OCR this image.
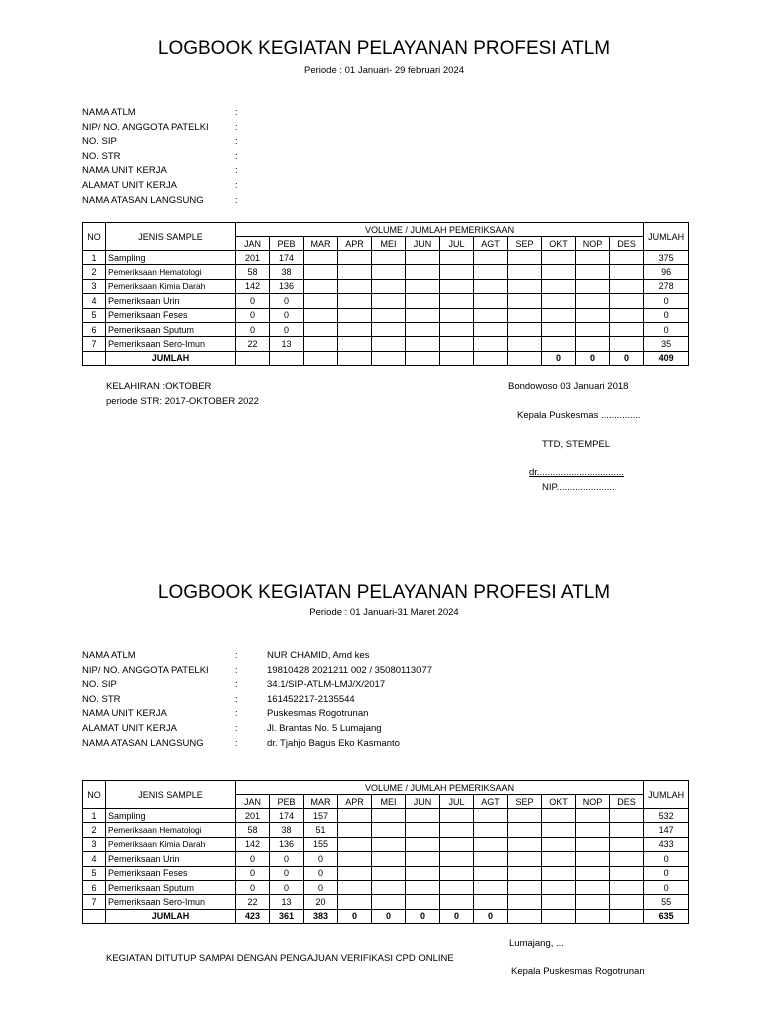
LOGBOOK KEGIATAN PELAYANAN PROFESI ATLM
Periode : 01 Januari- 29 februari 2024
NAMA ATLM	:
NIP/ NO. ANGGOTA PATELKI	:
NO. SIP	:
NO. STR	:
NAMA UNIT KERJA	:
ALAMAT UNIT KERJA	:
NAMA ATASAN LANGSUNG	:
NO	JENIS SAMPLE	VOLUME / JUMLAH PEMERIKSAAN												JUMLAH
		JAN	PEB	MAR	APR	MEI	JUN	JUL	AGT	SEP	OKT	NOP	DES	
1	Sampling	201	174											375
2	Pemeriksaan Hematologi	58	38											96
3	Pemeriksaan Kimia Darah	142	136											278
4	Pemeriksaan Urin	0	0											0
5	Pemeriksaan Feses	0	0											0
6	Pemeriksaan Sputum	0	0											0
7	Pemeriksaan Sero-Imun	22	13											35
	JUMLAH										0	0	0	409
KELAHIRAN :OKTOBER
periode STR: 2017-OKTOBER 2022
Bondowoso 03 Januari 2018
Kepala Puskesmas ...............
TTD, STEMPEL
dr.................................
NIP......................
LOGBOOK KEGIATAN PELAYANAN PROFESI ATLM
Periode : 01 Januari-31 Maret 2024
NAMA ATLM	:	NUR CHAMID, Amd kes
NIP/ NO. ANGGOTA PATELKI	:	19810428 2021211 002 / 35080113077
NO. SIP	:	34.1/SIP-ATLM-LMJ/X/2017
NO. STR	:	161452217-2135544
NAMA UNIT KERJA	:	Puskesmas Rogotrunan
ALAMAT UNIT KERJA	:	Jl. Brantas No. 5 Lumajang
NAMA ATASAN LANGSUNG	:	dr. Tjahjo Bagus Eko Kasmanto
NO	JENIS SAMPLE	VOLUME / JUMLAH PEMERIKSAAN												JUMLAH
		JAN	PEB	MAR	APR	MEI	JUN	JUL	AGT	SEP	OKT	NOP	DES	
1	Sampling	201	174	157										532
2	Pemeriksaan Hematologi	58	38	51										147
3	Pemeriksaan Kimia Darah	142	136	155										433
4	Pemeriksaan Urin	0	0	0										0
5	Pemeriksaan Feses	0	0	0										0
6	Pemeriksaan Sputum	0	0	0										0
7	Pemeriksaan Sero-Imun	22	13	20										55
	JUMLAH	423	361	383	0	0	0	0	0					635
Lumajang, ...
KEGIATAN DITUTUP SAMPAI DENGAN PENGAJUAN VERIFIKASI CPD ONLINE
Kepala Puskesmas Rogotrunan
